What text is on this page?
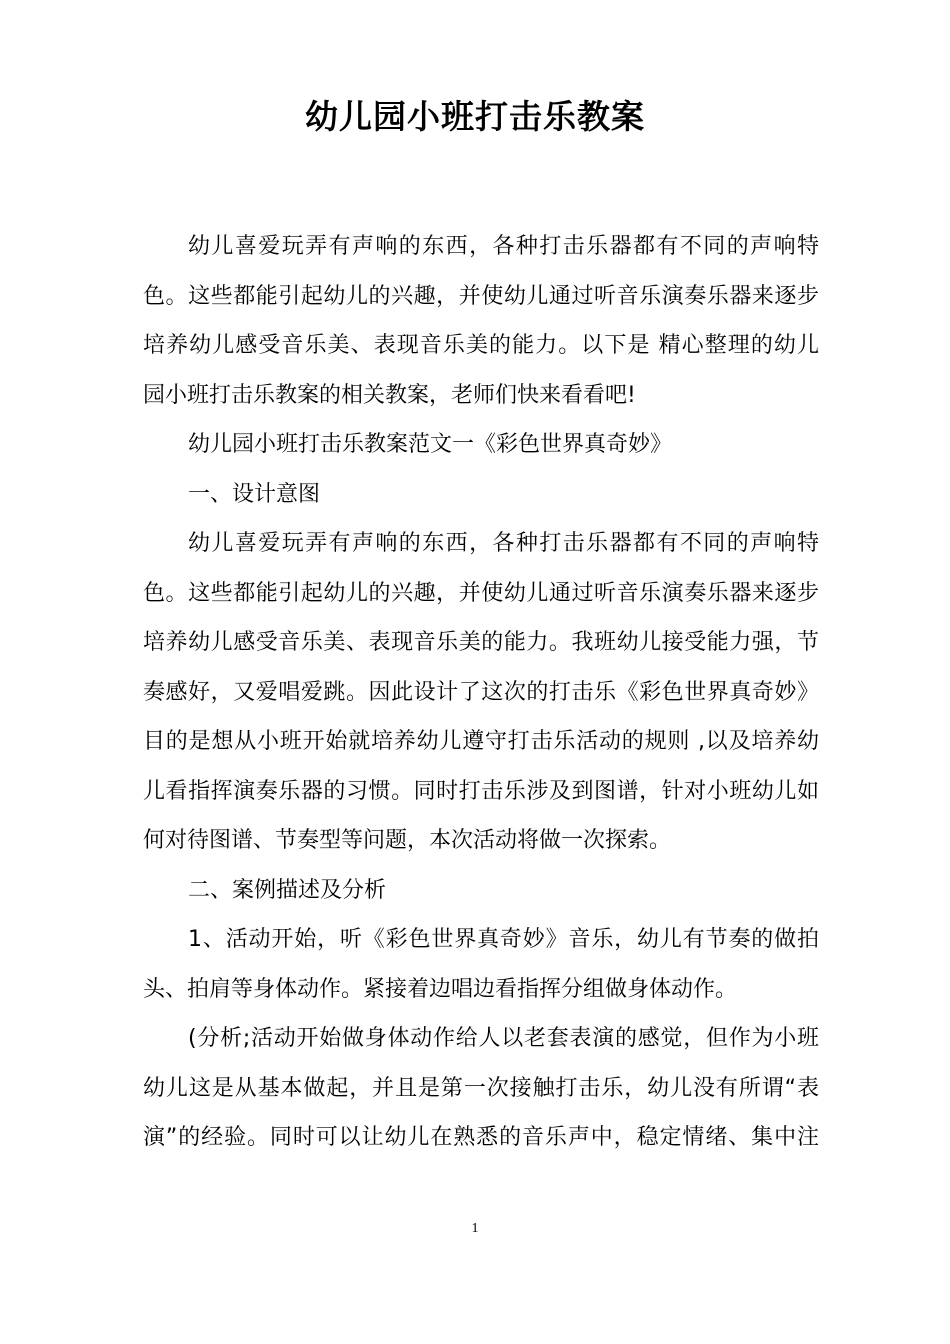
幼儿园小班打击乐教案
幼儿喜爱玩弄有声响的东西，各种打击乐器都有不同的声响特
色。这些都能引起幼儿的兴趣，并使幼儿通过听音乐演奏乐器来逐步
培养幼儿感受音乐美、表现音乐美的能力。以下是 精心整理的幼儿
园小班打击乐教案的相关教案，老师们快来看看吧!
幼儿园小班打击乐教案范文一《彩色世界真奇妙》
一、设计意图
幼儿喜爱玩弄有声响的东西，各种打击乐器都有不同的声响特
色。这些都能引起幼儿的兴趣，并使幼儿通过听音乐演奏乐器来逐步
培养幼儿感受音乐美、表现音乐美的能力。我班幼儿接受能力强，节
奏感好，又爱唱爱跳。因此设计了这次的打击乐《彩色世界真奇妙》
目的是想从小班开始就培养幼儿遵守打击乐活动的规则 ,以及培养幼
儿看指挥演奏乐器的习惯。同时打击乐涉及到图谱，针对小班幼儿如
何对待图谱、节奏型等问题，本次活动将做一次探索。
二、案例描述及分析
1、活动开始，听《彩色世界真奇妙》音乐，幼儿有节奏的做拍
头、拍肩等身体动作。紧接着边唱边看指挥分组做身体动作。
(分析;活动开始做身体动作给人以老套表演的感觉，但作为小班
幼儿这是从基本做起，并且是第一次接触打击乐，幼儿没有所谓“表
演”的经验。同时可以让幼儿在熟悉的音乐声中，稳定情绪、集中注
1
